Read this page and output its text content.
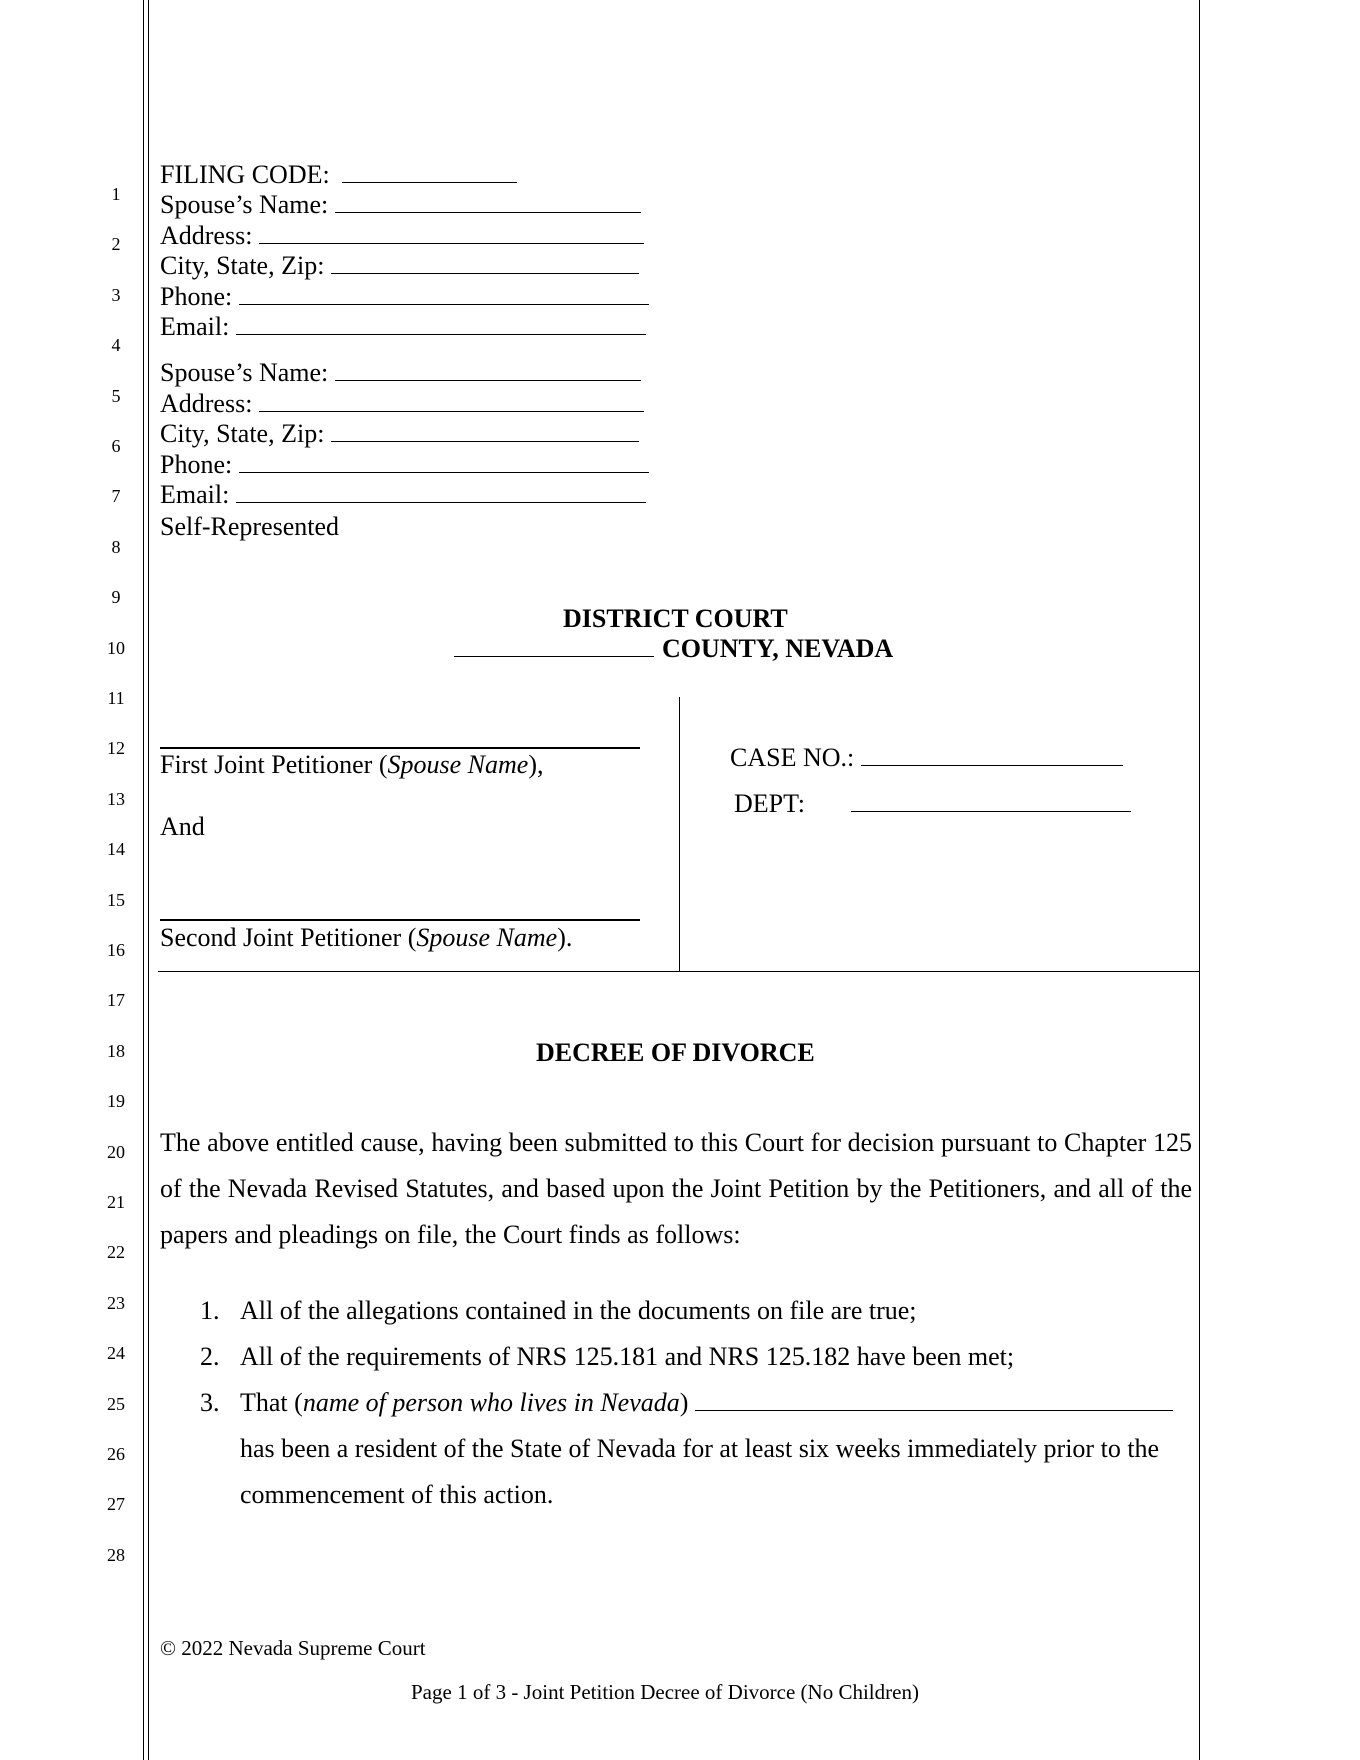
1
2
3
4
5
6
7
8
9
10
11
12
13
14
15
16
17
18
19
20
21
22
23
24
25
26
27
28
FILING CODE:
Spouse’s Name:
Address:
City, State, Zip:
Phone:
Email:
Spouse’s Name:
Address:
City, State, Zip:
Phone:
Email:
Self-Represented
DISTRICT COURT
COUNTY, NEVADA
First Joint Petitioner (Spouse Name),
And
Second Joint Petitioner (Spouse Name).
CASE NO.:
DEPT:
DECREE OF DIVORCE
The above entitled cause, having been submitted to this Court for decision pursuant to Chapter 125 of the Nevada Revised Statutes, and based upon the Joint Petition by the Petitioners, and all of the papers and pleadings on file, the Court finds as follows:
1. All of the allegations contained in the documents on file are true;
2. All of the requirements of NRS 125.181 and NRS 125.182 have been met;
3. That (name of person who lives in Nevada)
has been a resident of the State of Nevada for at least six weeks immediately prior to the
commencement of this action.
© 2022 Nevada Supreme Court
Page 1 of 3 - Joint Petition Decree of Divorce (No Children)
